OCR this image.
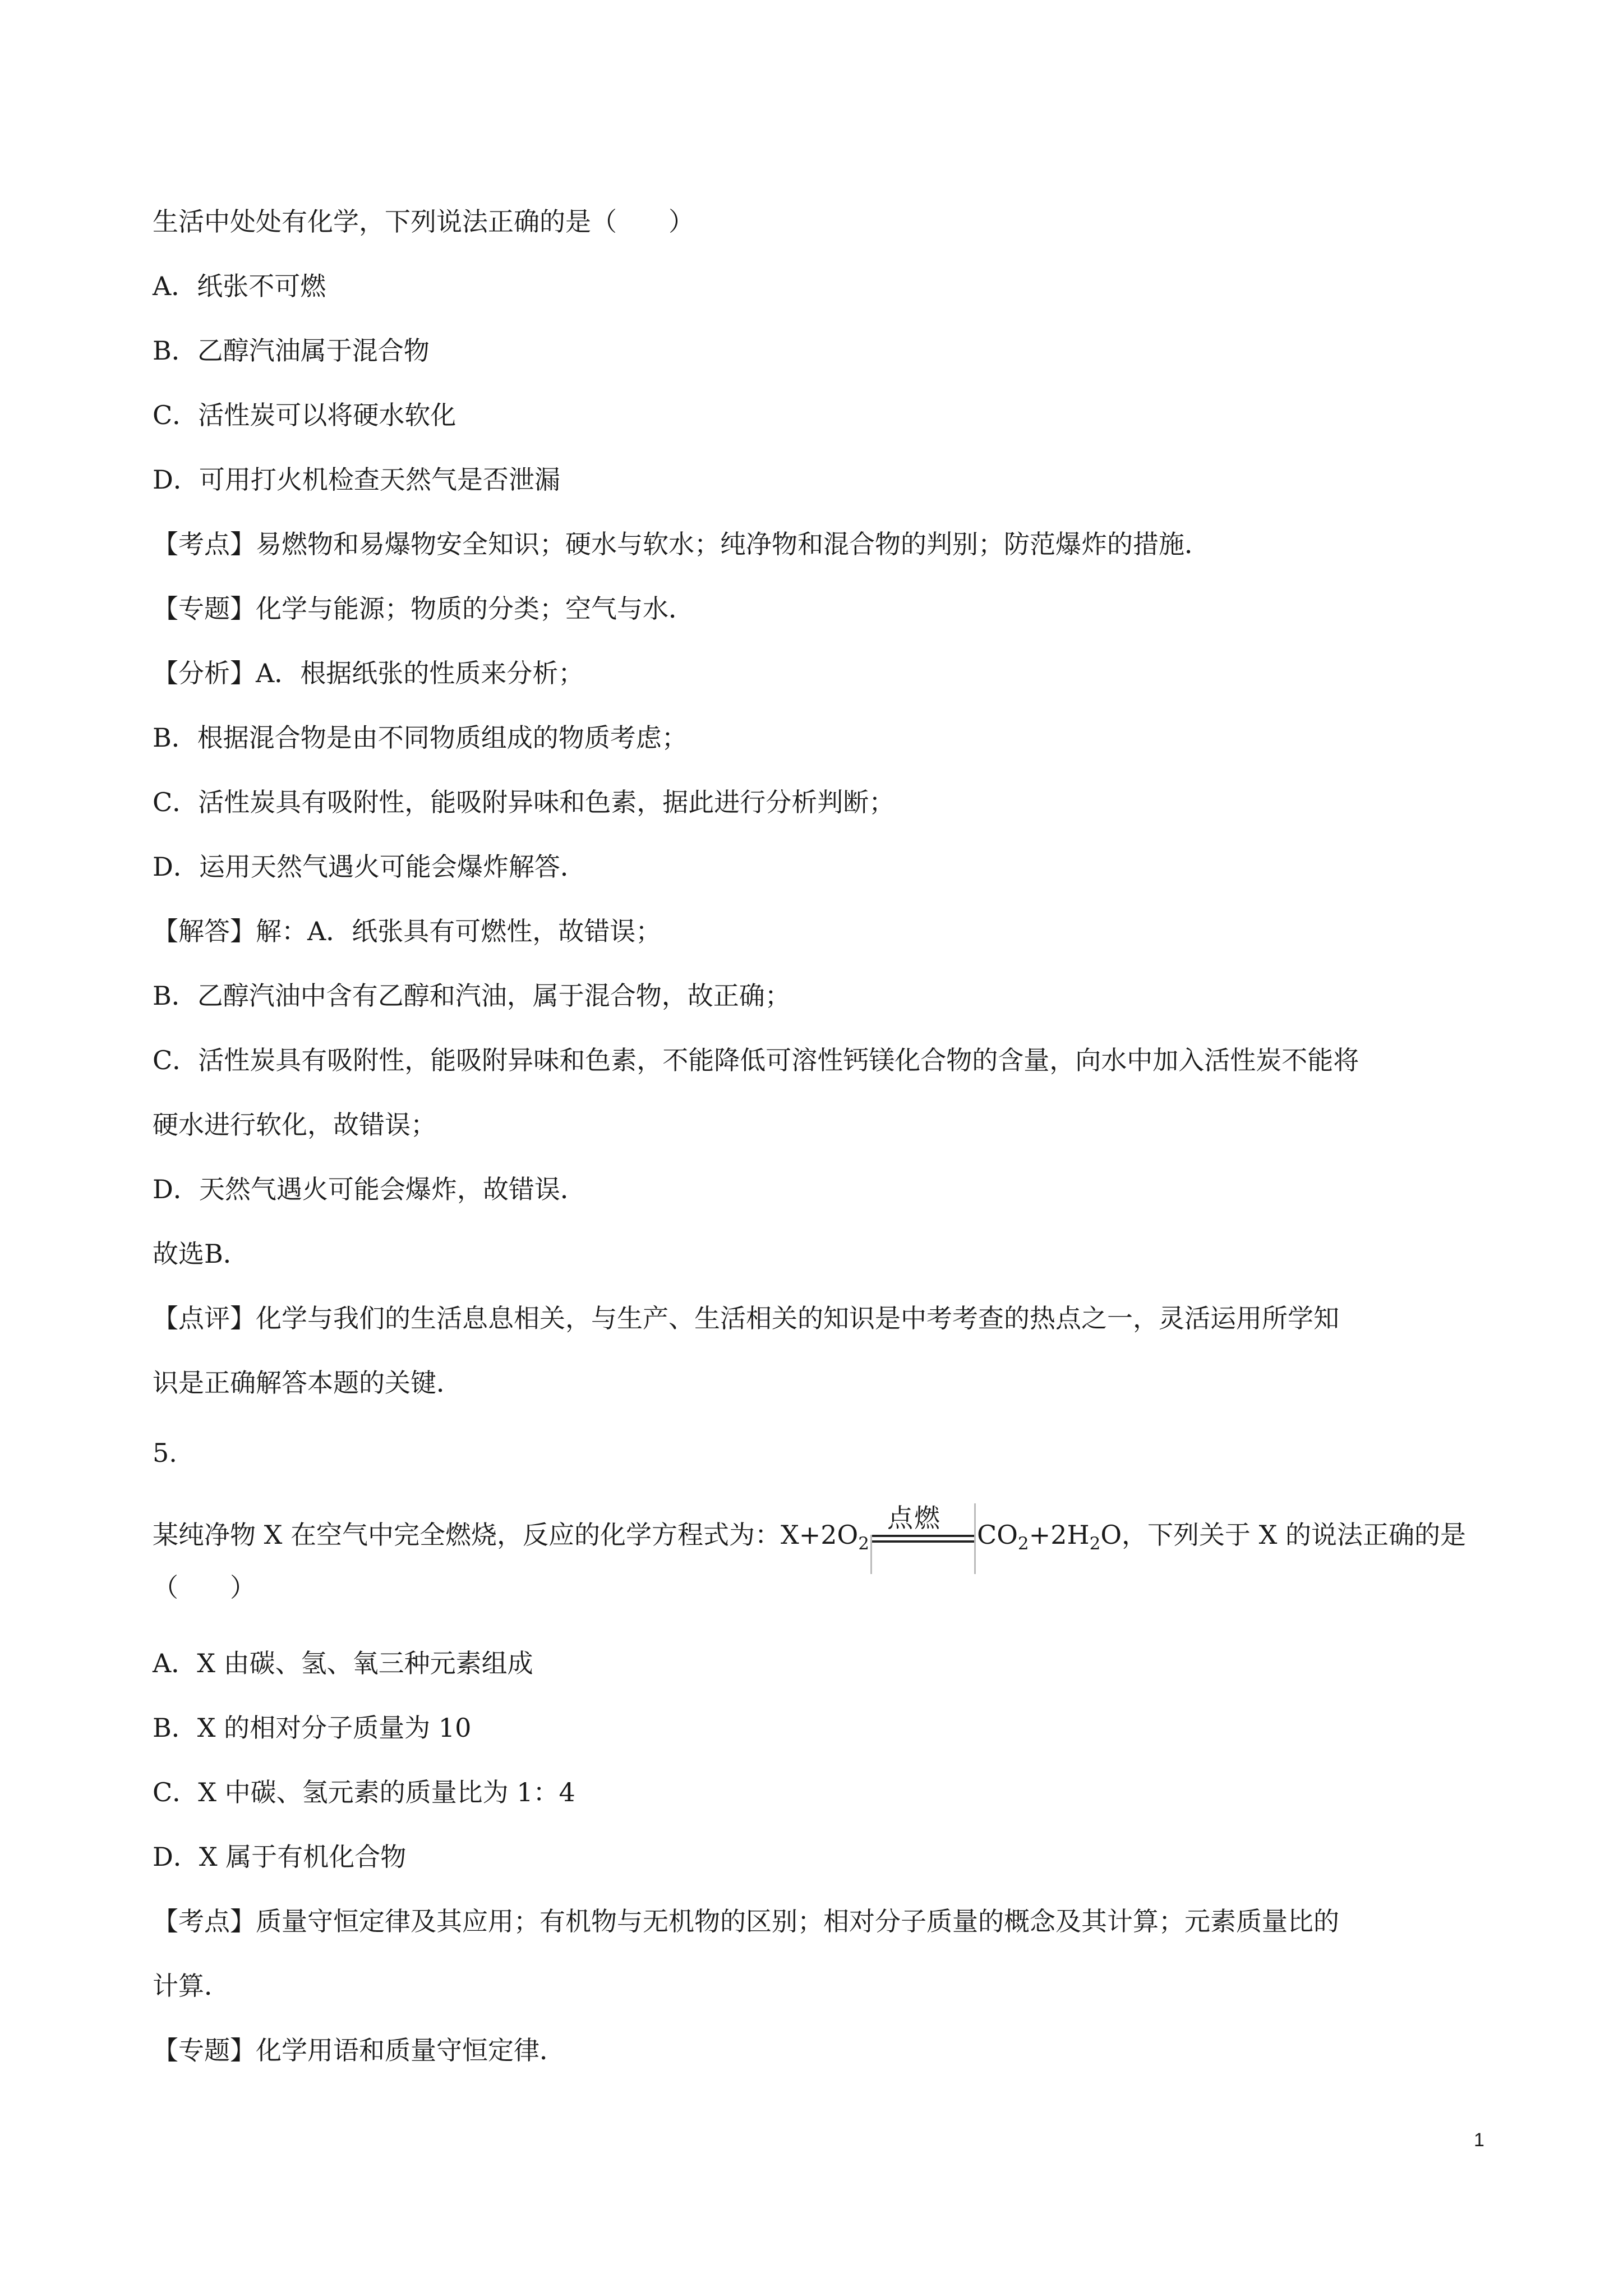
生活中处处有化学，下列说法正确的是（　　）
A．纸张不可燃
B．乙醇汽油属于混合物
C．活性炭可以将硬水软化
D．可用打火机检查天然气是否泄漏
【考点】易燃物和易爆物安全知识；硬水与软水；纯净物和混合物的判别；防范爆炸的措施．
【专题】化学与能源；物质的分类；空气与水．
【分析】A．根据纸张的性质来分析；
B．根据混合物是由不同物质组成的物质考虑；
C．活性炭具有吸附性，能吸附异味和色素，据此进行分析判断；
D．运用天然气遇火可能会爆炸解答．
【解答】解：A．纸张具有可燃性，故错误；
B．乙醇汽油中含有乙醇和汽油，属于混合物，故正确；
C．活性炭具有吸附性，能吸附异味和色素，不能降低可溶性钙镁化合物的含量，向水中加入活性炭不能将
硬水进行软化，故错误；
D．天然气遇火可能会爆炸，故错误．
故选B．
【点评】化学与我们的生活息息相关，与生产、生活相关的知识是中考考查的热点之一，灵活运用所学知
识是正确解答本题的关键．
5.
某纯净物 X 在空气中完全燃烧，反应的化学方程式为：$X+2O_2$
点燃
$CO_2+2H_2O$，下列关于 X 的说法正确的是
（　　）
A．X 由碳、氢、氧三种元素组成
B．X 的相对分子质量为 10
C．X 中碳、氢元素的质量比为 1：4
D．X 属于有机化合物
【考点】质量守恒定律及其应用；有机物与无机物的区别；相对分子质量的概念及其计算；元素质量比的
计算．
【专题】化学用语和质量守恒定律．
1
